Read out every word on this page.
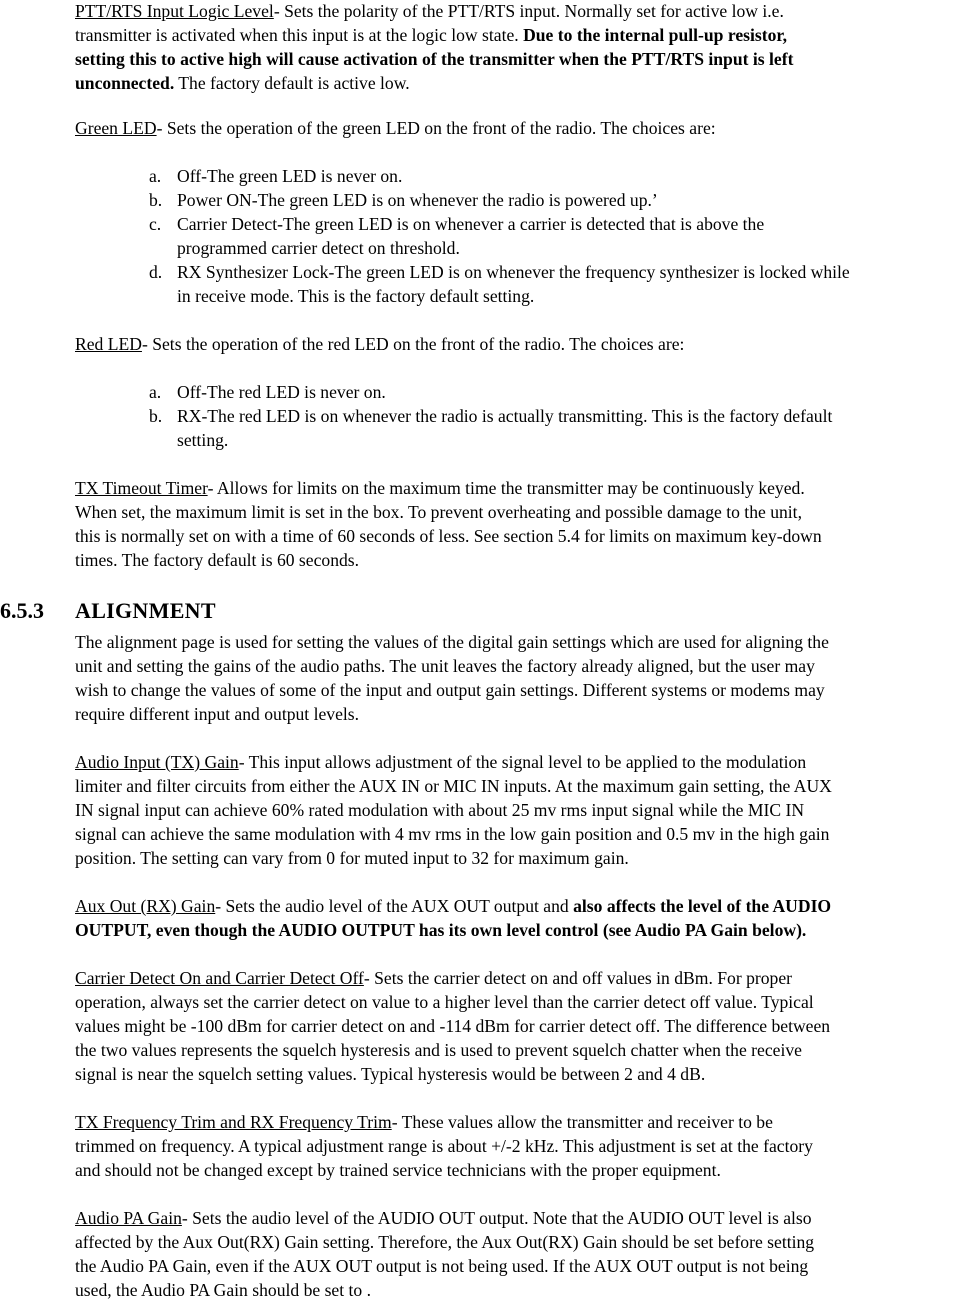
PTT/RTS Input Logic Level- Sets the polarity of the PTT/RTS input. Normally set for active low i.e.
transmitter is activated when this input is at the logic low state. Due to the internal pull-up resistor,
setting this to active high will cause activation of the transmitter when the PTT/RTS input is left
unconnected. The factory default is active low.

Green LED- Sets the operation of the green LED on the front of the radio. The choices are:

a. Off-The green LED is never on.

b. Power ON-The green LED is on whenever the radio is powered up.’

c. Carrier Detect-The green LED is on whenever a carrier is detected that is above the
programmed carrier detect on threshold.

d. RX Synthesizer Lock-The green LED is on whenever the frequency synthesizer is locked while
in receive mode. This is the factory default setting.

Red LED- Sets the operation of the red LED on the front of the radio. The choices are:

a. Off-The red LED is never on.

b. RX-The red LED is on whenever the radio is actually transmitting. This is the factory default
setting.

TX Timeout Timer- Allows for limits on the maximum time the transmitter may be continuously keyed.
When set, the maximum limit is set in the box. To prevent overheating and possible damage to the unit,
this is normally set on with a time of 60 seconds of less. See section 5.4 for limits on maximum key-down
times. The factory default is 60 seconds.

6.5.3 ALIGNMENT

The alignment page is used for setting the values of the digital gain settings which are used for aligning the
unit and setting the gains of the audio paths. The unit leaves the factory already aligned, but the user may
wish to change the values of some of the input and output gain settings. Different systems or modems may
require different input and output levels.

Audio Input (TX) Gain- This input allows adjustment of the signal level to be applied to the modulation
limiter and filter circuits from either the AUX IN or MIC IN inputs. At the maximum gain setting, the AUX
IN signal input can achieve 60% rated modulation with about 25 mv rms input signal while the MIC IN
signal can achieve the same modulation with 4 mv rms in the low gain position and 0.5 mv in the high gain
position. The setting can vary from 0 for muted input to 32 for maximum gain.

Aux Out (RX) Gain- Sets the audio level of the AUX OUT output and also affects the level of the AUDIO
OUTPUT, even though the AUDIO OUTPUT has its own level control (see Audio PA Gain below).

Carrier Detect On and Carrier Detect Off- Sets the carrier detect on and off values in dBm. For proper
operation, always set the carrier detect on value to a higher level than the carrier detect off value. Typical
values might be -100 dBm for carrier detect on and -114 dBm for carrier detect off. The difference between
the two values represents the squelch hysteresis and is used to prevent squelch chatter when the receive
signal is near the squelch setting values. Typical hysteresis would be between 2 and 4 dB.

TX Frequency Trim and RX Frequency Trim- These values allow the transmitter and receiver to be
trimmed on frequency. A typical adjustment range is about +/-2 kHz. This adjustment is set at the factory
and should not be changed except by trained service technicians with the proper equipment.

Audio PA Gain- Sets the audio level of the AUDIO OUT output. Note that the AUDIO OUT level is also
affected by the Aux Out(RX) Gain setting. Therefore, the Aux Out(RX) Gain should be set before setting
the Audio PA Gain, even if the AUX OUT output is not being used. If the AUX OUT output is not being
used, the Audio PA Gain should be set to .
